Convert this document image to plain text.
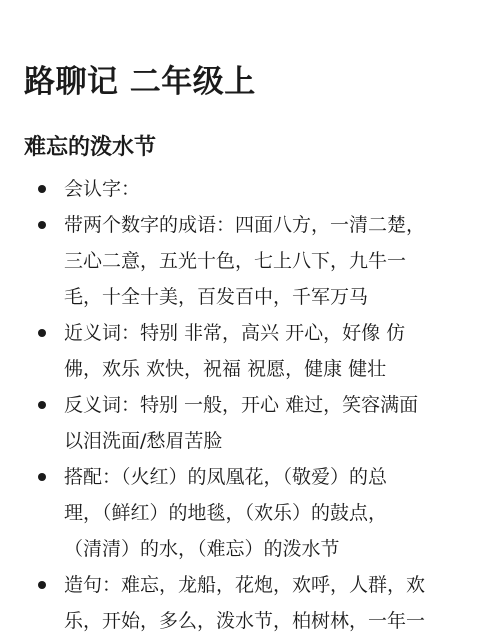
路聊记 二年级上
难忘的泼水节
会认字：
带两个数字的成语：四面八方，一清二楚，
三心二意，五光十色，七上八下，九牛一
毛，十全十美，百发百中，千军万马
近义词：特别 非常，高兴 开心，好像 仿
佛，欢乐 欢快，祝福 祝愿，健康 健壮
反义词：特别 一般，开心 难过，笑容满面
以泪洗面/愁眉苦脸
搭配：（火红）的凤凰花，（敬爱）的总
理，（鲜红）的地毯，（欢乐）的鼓点，
（清清）的水，（难忘）的泼水节
造句：难忘，龙船，花炮，欢呼，人群，欢
乐，开始，多么，泼水节，柏树林，一年一
